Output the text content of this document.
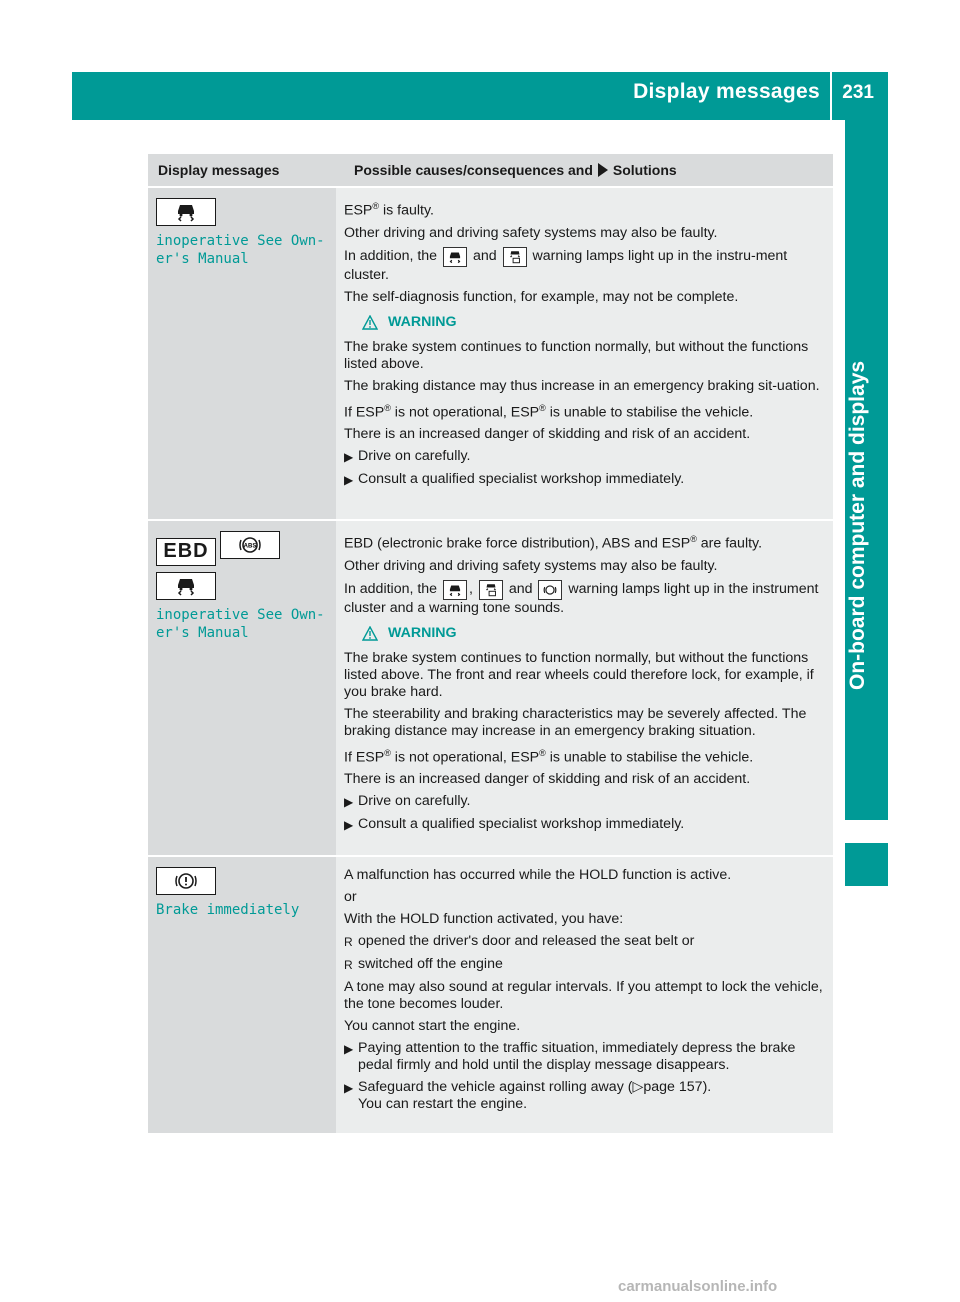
Display messages 231
On-board computer and displays
Display messages	Possible causes/consequences and Solutions
inoperative See Own‐
er's Manual

ESP® is faulty.

Other driving and driving safety systems may also be faulty.

In addition, the
and
warning lamps light up in the instru-ment cluster.

The self-diagnosis function, for example, may not be complete.

WARNING

The brake system continues to function normally, but without the functions listed above.

The braking distance may thus increase in an emergency braking sit-uation.

If ESP® is not operational, ESP® is unable to stabilise the vehicle.

There is an increased danger of skidding and risk of an accident.

▶ Drive on carefully.
▶ Consult a qualified specialist workshop immediately.
EBD	ABS

inoperative See Own‐
er's Manual

EBD (electronic brake force distribution), ABS and ESP® are faulty.

Other driving and driving safety systems may also be faulty.

In addition, the
,
and
warning lamps light up in the instrument cluster and a warning tone sounds.

WARNING

The brake system continues to function normally, but without the functions listed above. The front and rear wheels could therefore lock, for example, if you brake hard.

The steerability and braking characteristics may be severely affected. The braking distance may increase in an emergency braking situation.

If ESP® is not operational, ESP® is unable to stabilise the vehicle.

There is an increased danger of skidding and risk of an accident.

▶ Drive on carefully.
▶ Consult a qualified specialist workshop immediately.
Brake immediately

A malfunction has occurred while the HOLD function is active.

or

With the HOLD function activated, you have:

R opened the driver's door and released the seat belt or
R switched off the engine

A tone may also sound at regular intervals. If you attempt to lock the vehicle, the tone becomes louder.

You cannot start the engine.

▶ Paying attention to the traffic situation, immediately depress the brake pedal firmly and hold until the display message disappears.
▶ Safeguard the vehicle against rolling away (▷page 157).
You can restart the engine.
carmanualsonline.info
